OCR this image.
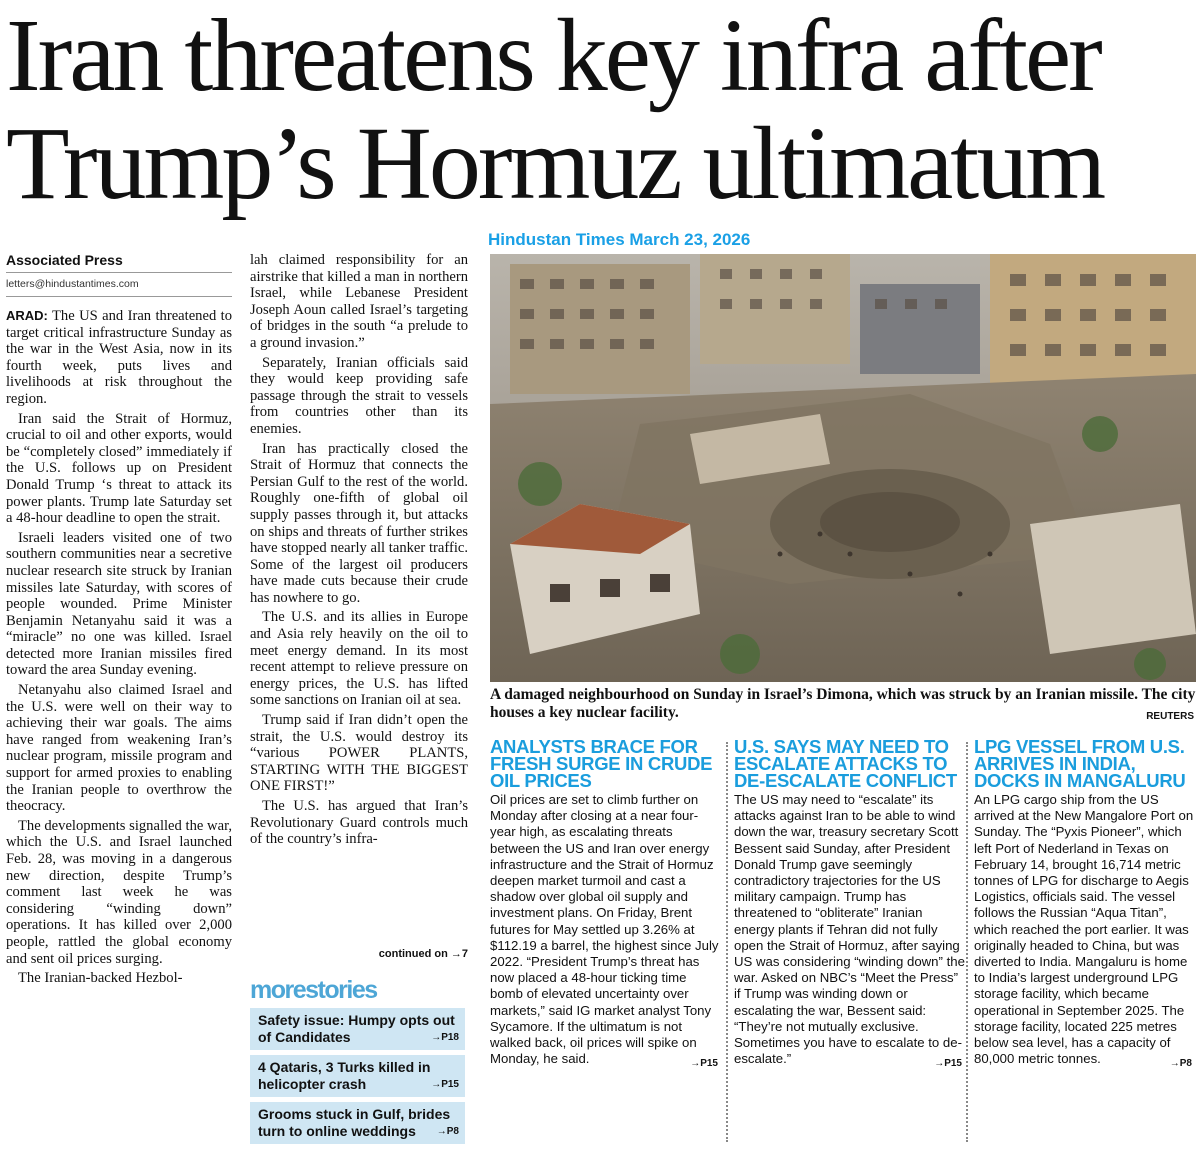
Iran threatens key infra after
Trump’s Hormuz ultimatum
Hindustan Times March 23, 2026
Associated Press
letters@hindustantimes.com

ARAD: The US and Iran threatened to target critical infrastructure Sunday as the war in the West Asia, now in its fourth week, puts lives and livelihoods at risk throughout the region.

Iran said the Strait of Hormuz, crucial to oil and other exports, would be “completely closed” immediately if the U.S. follows up on President Donald Trump ‘s threat to attack its power plants. Trump late Saturday set a 48-hour deadline to open the strait.

Israeli leaders visited one of two southern communities near a secretive nuclear research site struck by Iranian missiles late Saturday, with scores of people wounded. Prime Minister Benjamin Netanyahu said it was a “miracle” no one was killed. Israel detected more Iranian missiles fired toward the area Sunday evening.

Netanyahu also claimed Israel and the U.S. were well on their way to achieving their war goals. The aims have ranged from weakening Iran’s nuclear program, missile program and support for armed proxies to enabling the Iranian people to overthrow the theocracy.

The developments signalled the war, which the U.S. and Israel launched Feb. 28, was moving in a dangerous new direction, despite Trump’s comment last week he was considering “winding down” operations. It has killed over 2,000 people, rattled the global economy and sent oil prices surging.

The Iranian-backed Hezbol-

lah claimed responsibility for an airstrike that killed a man in northern Israel, while Lebanese President Joseph Aoun called Israel’s targeting of bridges in the south “a prelude to a ground invasion.”

Separately, Iranian officials said they would keep providing safe passage through the strait to vessels from countries other than its enemies.

Iran has practically closed the Strait of Hormuz that connects the Persian Gulf to the rest of the world. Roughly one-fifth of global oil supply passes through it, but attacks on ships and threats of further strikes have stopped nearly all tanker traffic. Some of the largest oil producers have made cuts because their crude has nowhere to go.

The U.S. and its allies in Europe and Asia rely heavily on the oil to meet energy demand. In its most recent attempt to relieve pressure on energy prices, the U.S. has lifted some sanctions on Iranian oil at sea.

Trump said if Iran didn’t open the strait, the U.S. would destroy its “various POWER PLANTS, STARTING WITH THE BIGGEST ONE FIRST!”

The U.S. has argued that Iran’s Revolutionary Guard controls much of the country’s infra-

continued on →7
morestories
Safety issue: Humpy opts out of Candidates	→P18
4 Qataris, 3 Turks killed in helicopter crash	→P15
Grooms stuck in Gulf, brides turn to online weddings →P8
A damaged neighbourhood on Sunday in Israel’s Dimona, which was struck by an Iranian missile. The city houses a key nuclear facility.	REUTERS
ANALYSTS BRACE FOR FRESH SURGE IN CRUDE OIL PRICES
Oil prices are set to climb further on Monday after closing at a near four-year high, as escalating threats between the US and Iran over energy infrastructure and the Strait of Hormuz deepen market turmoil and cast a shadow over global oil supply and investment plans. On Friday, Brent futures for May settled up 3.26% at $112.19 a barrel, the highest since July 2022. “President Trump’s threat has now placed a 48-hour ticking time bomb of elevated uncertainty over markets,” said IG market analyst Tony Sycamore. If the ultimatum is not walked back, oil prices will spike on Monday, he said.	→P15
U.S. SAYS MAY NEED TO ESCALATE ATTACKS TO DE-ESCALATE CONFLICT
The US may need to “escalate” its attacks against Iran to be able to wind down the war, treasury secretary Scott Bessent said Sunday, after President Donald Trump gave seemingly contradictory trajectories for the US military campaign. Trump has threatened to “obliterate” Iranian energy plants if Tehran did not fully open the Strait of Hormuz, after saying US was considering “winding down” the war. Asked on NBC’s “Meet the Press” if Trump was winding down or escalating the war, Bessent said: “They’re not mutually exclusive. Sometimes you have to escalate to de-escalate.”	→P15
LPG VESSEL FROM U.S. ARRIVES IN INDIA, DOCKS IN MANGALURU
An LPG cargo ship from the US arrived at the New Mangalore Port on Sunday. The “Pyxis Pioneer”, which left Port of Nederland in Texas on February 14, brought 16,714 metric tonnes of LPG for discharge to Aegis Logistics, officials said. The vessel follows the Russian “Aqua Titan”, which reached the port earlier. It was originally headed to China, but was diverted to India. Mangaluru is home to India’s largest underground LPG storage facility, which became operational in September 2025. The storage facility, located 225 metres below sea level, has a capacity of 80,000 metric tonnes.	→P8
